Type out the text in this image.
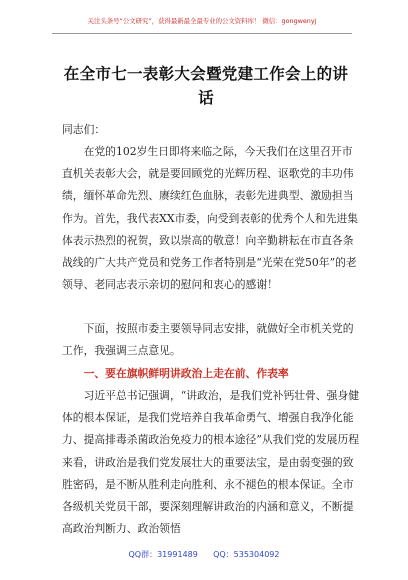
关注头条号“公文研究”，获得最新最全最专业的公文资料库！ 微信：gongwenyj
在全市七一表彰大会暨党建工作会上的讲话

同志们：

在党的102岁生日即将来临之际，今天我们在这里召开市直机关表彰大会，就是要回顾党的光辉历程、讴歌党的丰功伟绩，缅怀革命先烈、赓续红色血脉，表彰先进典型、激励担当作为。首先，我代表XX市委，向受到表彰的优秀个人和先进集体表示热烈的祝贺，致以崇高的敬意！向辛勤耕耘在市直各条战线的广大共产党员和党务工作者特别是“光荣在党50年”的老领导、老同志表示亲切的慰问和衷心的感谢！

下面，按照市委主要领导同志安排，就做好全市机关党的工作，我强调三点意见。

一、要在旗帜鲜明讲政治上走在前、作表率

习近平总书记强调，“讲政治，是我们党补钙壮骨、强身健体的根本保证，是我们党培养自我革命勇气、增强自我净化能力、提高排毒杀菌政治免疫力的根本途径”从我们党的发展历程来看，讲政治是我们党发展壮大的重要法宝，是由弱变强的致胜密码，是不断从胜利走向胜利、永不褪色的根本保证。全市各级机关党员干部，要深刻理解讲政治的内涵和意义，不断提高政治判断力、政治领悟

QQ群：31991489      QQ：535304092
